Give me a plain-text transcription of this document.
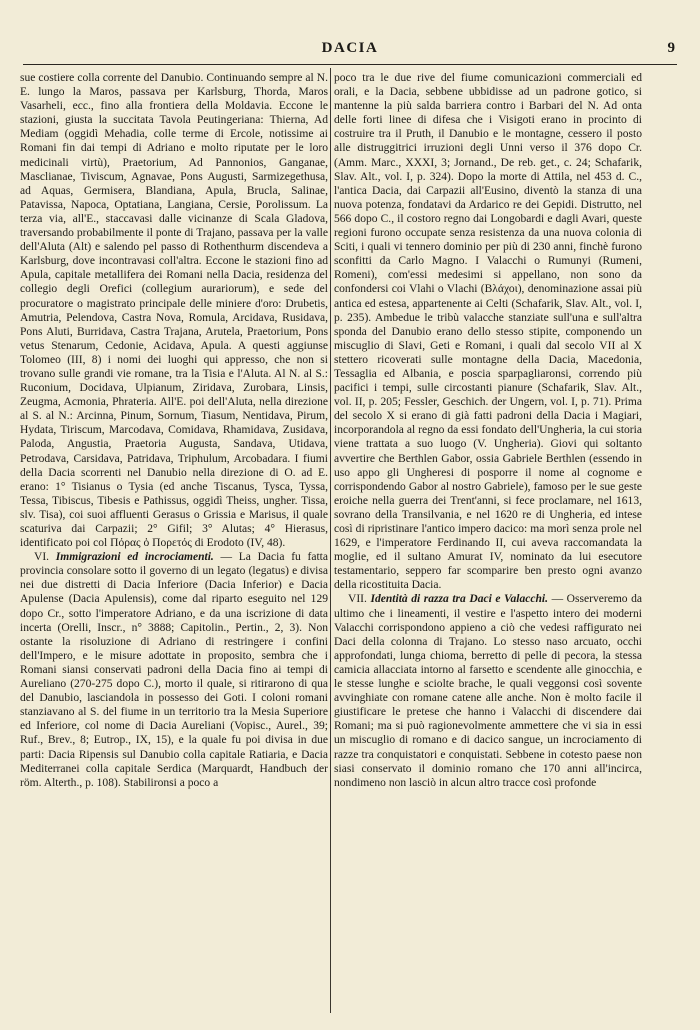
DACIA	9

sue costiere colla corrente del Danubio. Continuando sempre al N. E. lungo la Maros, passava per Karlsburg, Thorda, Maros Vasarheli, ecc., fino alla frontiera della Moldavia. Eccone le stazioni, giusta la succitata Tavola Peutingeriana: Thierna, Ad Mediam (oggidì Mehadia, colle terme di Ercole, notissime ai Romani fin dai tempi di Adriano e molto riputate per le loro medicinali virtù), Praetorium, Ad Pannonios, Ganganae, Masclianae, Tiviscum, Agnavae, Pons Augusti, Sarmizegethusa, ad Aquas, Germisera, Blandiana, Apula, Brucla, Salinae, Patavissa, Napoca, Optatiana, Langiana, Cersie, Porolissum. La terza via, all'E., staccavasi dalle vicinanze di Scala Gladova, traversando probabilmente il ponte di Trajano, passava per la valle dell'Aluta (Alt) e salendo pel passo di Rothenthurm discendeva a Karlsburg, dove incontravasi coll'altra. Eccone le stazioni fino ad Apula, capitale metallifera dei Romani nella Dacia, residenza del collegio degli Orefici (collegium aurariorum), e sede del procuratore o magistrato principale delle miniere d'oro: Drubetis, Amutria, Pelendova, Castra Nova, Romula, Arcidava, Rusidava, Pons Aluti, Burridava, Castra Trajana, Arutela, Praetorium, Pons vetus Stenarum, Cedonie, Acidava, Apula. A questi aggiunse Tolomeo (III, 8) i nomi dei luoghi qui appresso, che non si trovano sulle grandi vie romane, tra la Tisia e l'Aluta. Al N. al S.: Ruconium, Docidava, Ulpianum, Ziridava, Zurobara, Linsis, Zeugma, Acmonia, Phrateria. All'E. poi dell'Aluta, nella direzione al S. al N.: Arcinna, Pinum, Sornum, Tiasum, Nentidava, Pirum, Hydata, Tiriscum, Marcodava, Comidava, Rhamidava, Zusidava, Paloda, Angustia, Praetoria Augusta, Sandava, Utidava, Petrodava, Carsidava, Patridava, Triphulum, Arcobadara. I fiumi della Dacia scorrenti nel Danubio nella direzione di O. ad E. erano: 1° Tisianus o Tysia (ed anche Tiscanus, Tysca, Tyssa, Tessa, Tibiscus, Tibesis e Pathissus, oggidì Theiss, ungher. Tissa, slv. Tisa), coi suoi affluenti Gerasus o Grissia e Marisus, il quale scaturiva dai Carpazii; 2° Gifil; 3° Alutas; 4° Hierasus, identificato poi col Πόρας ὁ Πορετός di Erodoto (IV, 48).

VI. Immigrazioni ed incrociamenti. — La Dacia fu fatta provincia consolare sotto il governo di un legato (legatus) e divisa nei due distretti di Dacia Inferiore (Dacia Inferior) e Dacia Apulense (Dacia Apulensis), come dal riparto eseguito nel 129 dopo Cr., sotto l'imperatore Adriano, e da una iscrizione di data incerta (Orelli, Inscr., n° 3888; Capitolin., Pertin., 2, 3). Non ostante la risoluzione di Adriano di restringere i confini dell'Impero, e le misure adottate in proposito, sembra che i Romani siansi conservati padroni della Dacia fino ai tempi di Aureliano (270-275 dopo C.), morto il quale, si ritirarono di qua del Danubio, lasciandola in possesso dei Goti. I coloni romani stanziavano al S. del fiume in un territorio tra la Mesia Superiore ed Inferiore, col nome di Dacia Aureliani (Vopisc., Aurel., 39; Ruf., Brev., 8; Eutrop., IX, 15), e la quale fu poi divisa in due parti: Dacia Ripensis sul Danubio colla capitale Ratiaria, e Dacia Mediterranei colla capitale Serdica (Marquardt, Handbuch der röm. Alterth., p. 108). Stabilironsi a poco a

poco tra le due rive del fiume comunicazioni commerciali ed orali, e la Dacia, sebbene ubbidisse ad un padrone gotico, si mantenne la più salda barriera contro i Barbari del N. Ad onta delle forti linee di difesa che i Visigoti erano in procinto di costruire tra il Pruth, il Danubio e le montagne, cessero il posto alle distruggitrici irruzioni degli Unni verso il 376 dopo Cr. (Amm. Marc., XXXI, 3; Jornand., De reb. get., c. 24; Schafarik, Slav. Alt., vol. I, p. 324). Dopo la morte di Attila, nel 453 d. C., l'antica Dacia, dai Carpazii all'Eusino, diventò la stanza di una nuova potenza, fondatavi da Ardarico re dei Gepidi. Distrutto, nel 566 dopo C., il costoro regno dai Longobardi e dagli Avari, queste regioni furono occupate senza resistenza da una nuova colonia di Sciti, i quali vi tennero dominio per più di 230 anni, finchè furono sconfitti da Carlo Magno. I Valacchi o Rumunyi (Rumeni, Romeni), com'essi medesimi si appellano, non sono da confondersi coi Vlahi o Vlachi (Βλάχοι), denominazione assai più antica ed estesa, appartenente ai Celti (Schafarik, Slav. Alt., vol. I, p. 235). Ambedue le tribù valacche stanziate sull'una e sull'altra sponda del Danubio erano dello stesso stipite, componendo un miscuglio di Slavi, Geti e Romani, i quali dal secolo VII al X stettero ricoverati sulle montagne della Dacia, Macedonia, Tessaglia ed Albania, e poscia sparpagliaronsi, correndo più pacifici i tempi, sulle circostanti pianure (Schafarik, Slav. Alt., vol. II, p. 205; Fessler, Geschich. der Ungern, vol. I, p. 71). Prima del secolo X si erano di già fatti padroni della Dacia i Magiari, incorporandola al regno da essi fondato dell'Ungheria, la cui storia viene trattata a suo luogo (V. Ungheria). Giovi qui soltanto avvertire che Berthlen Gabor, ossia Gabriele Berthlen (essendo in uso appo gli Ungheresi di posporre il nome al cognome e corrispondendo Gabor al nostro Gabriele), famoso per le sue geste eroiche nella guerra dei Trent'anni, si fece proclamare, nel 1613, sovrano della Transilvania, e nel 1620 re di Ungheria, ed intese così di ripristinare l'antico impero dacico: ma morì senza prole nel 1629, e l'imperatore Ferdinando II, cui aveva raccomandata la moglie, ed il sultano Amurat IV, nominato da lui esecutore testamentario, seppero far scomparire ben presto ogni avanzo della ricostituita Dacia.

VII. Identità di razza tra Daci e Valacchi. — Osserveremo da ultimo che i lineamenti, il vestire e l'aspetto intero dei moderni Valacchi corrispondono appieno a ciò che vedesi raffigurato nei Daci della colonna di Trajano. Lo stesso naso arcuato, occhi approfondati, lunga chioma, berretto di pelle di pecora, la stessa camicia allacciata intorno al farsetto e scendente alle ginocchia, e le stesse lunghe e sciolte brache, le quali veggonsi così sovente avvinghiate con romane catene alle anche. Non è molto facile il giustificare le pretese che hanno i Valacchi di discendere dai Romani; ma si può ragionevolmente ammettere che vi sia in essi un miscuglio di romano e di dacico sangue, un incrociamento di razze tra conquistatori e conquistati. Sebbene in cotesto paese non siasi conservato il dominio romano che 170 anni all'incirca, nondimeno non lasciò in alcun altro tracce così profonde
